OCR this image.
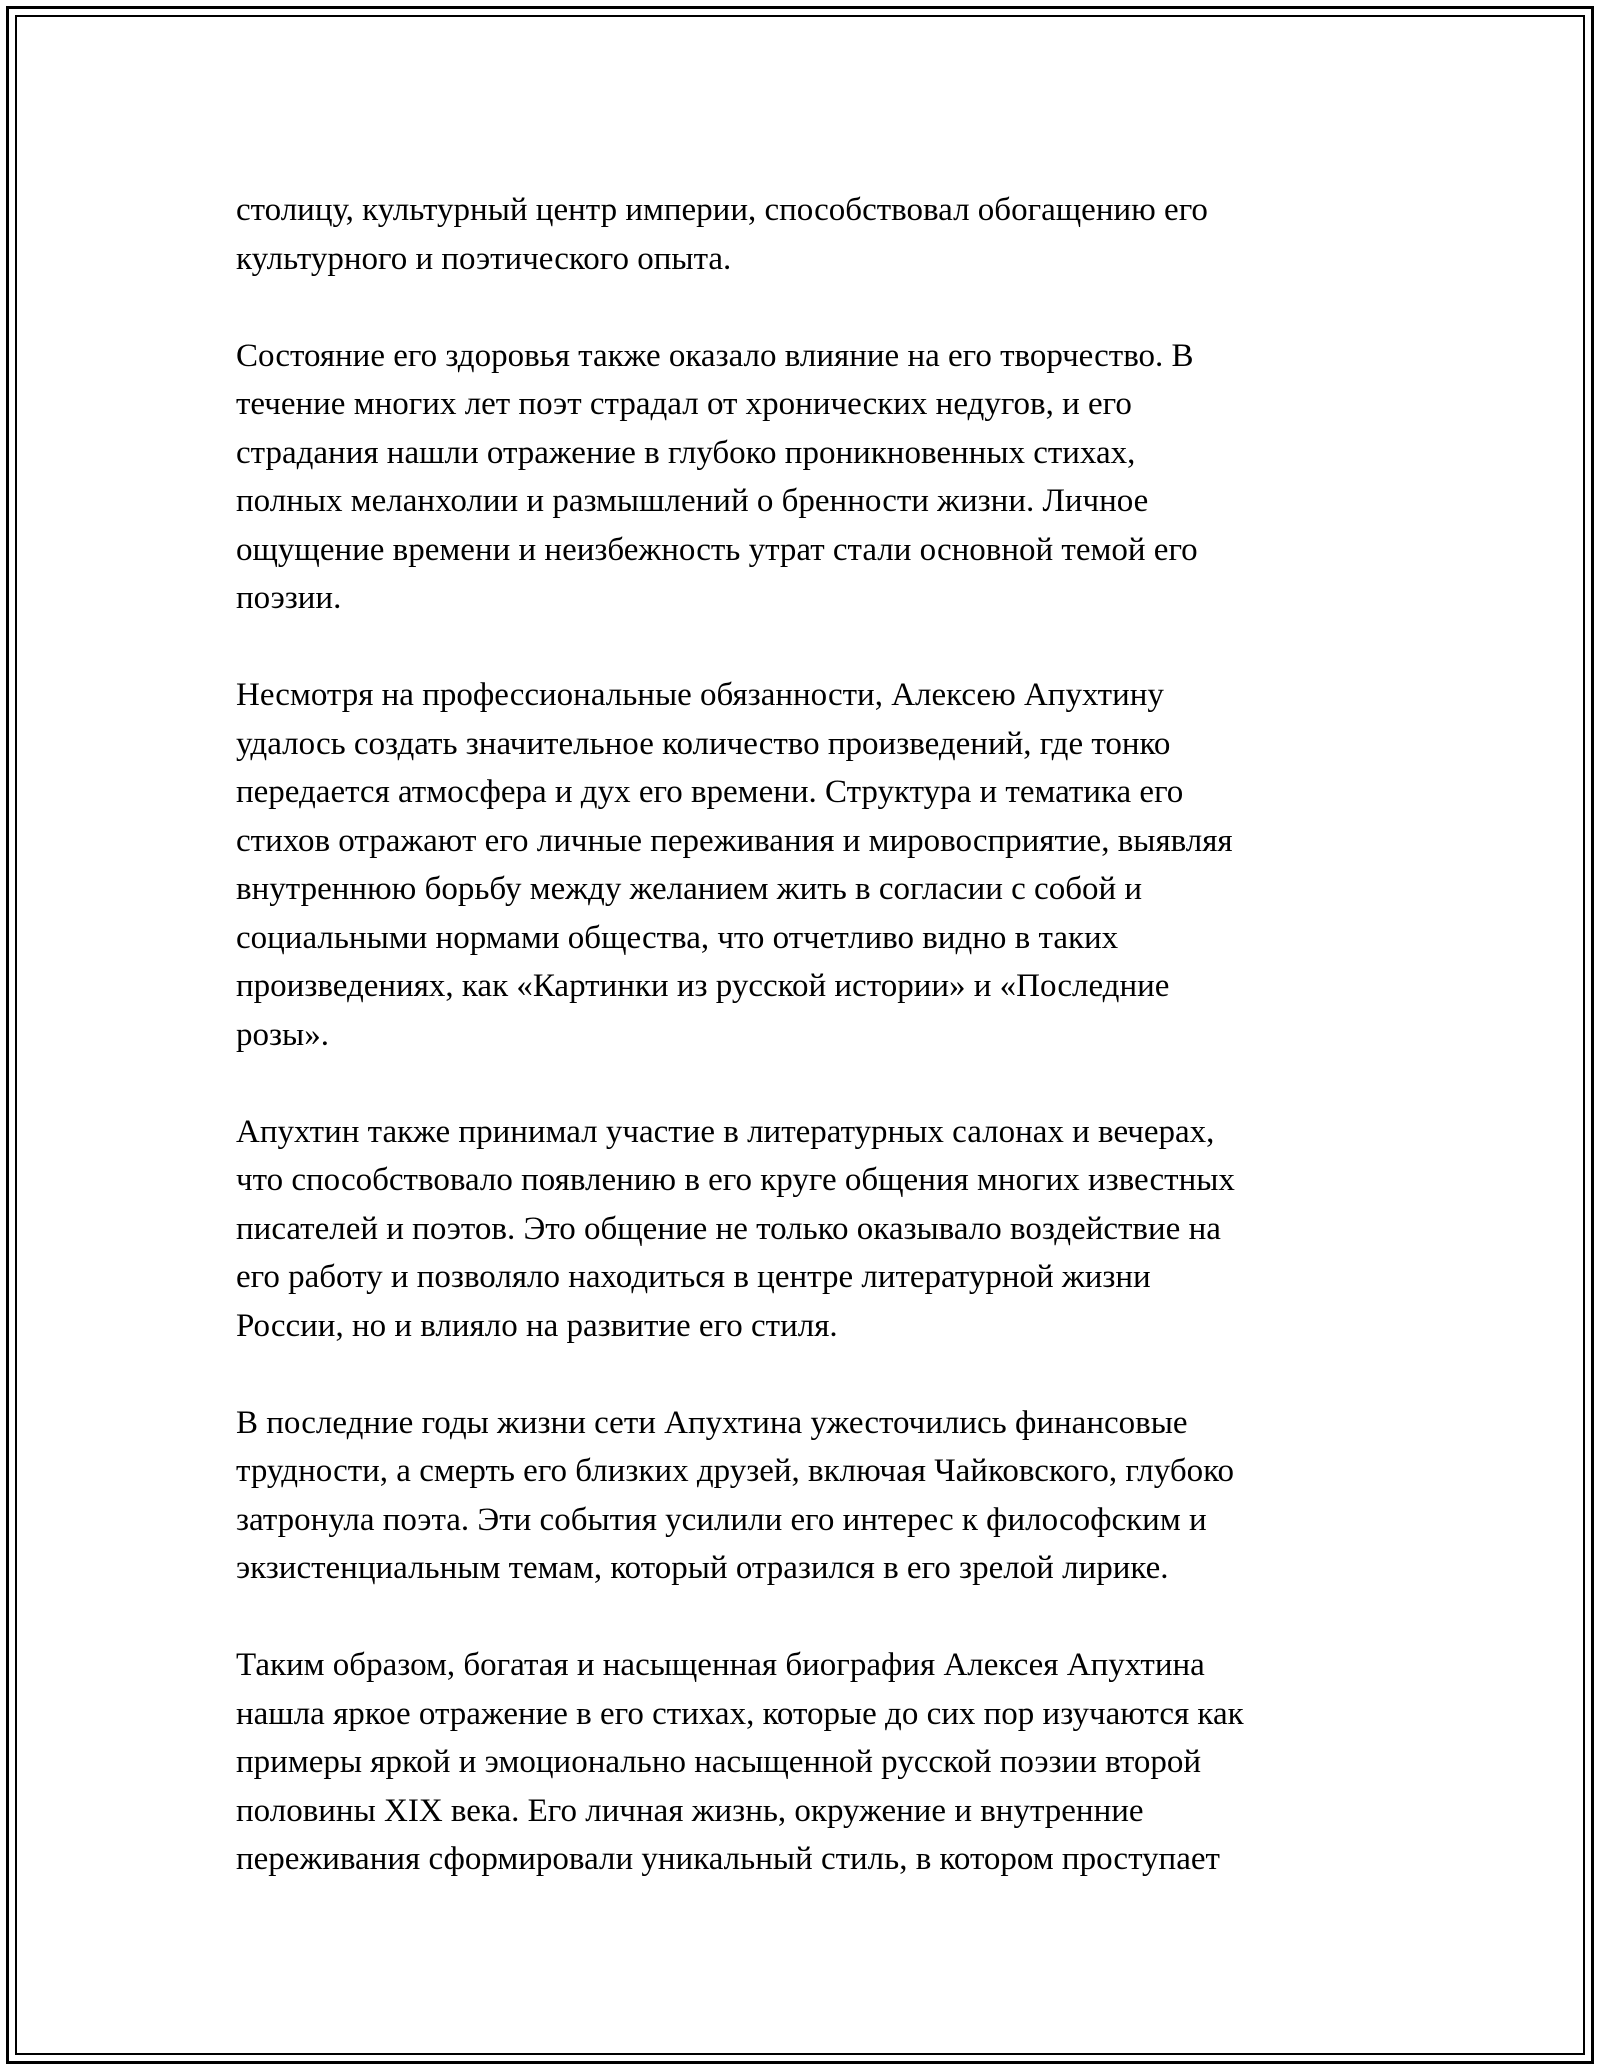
столицу, культурный центр империи, способствовал обогащению его
культурного и поэтического опыта.

Состояние его здоровья также оказало влияние на его творчество. В
течение многих лет поэт страдал от хронических недугов, и его
страдания нашли отражение в глубоко проникновенных стихах,
полных меланхолии и размышлений о бренности жизни. Личное
ощущение времени и неизбежность утрат стали основной темой его
поэзии.

Несмотря на профессиональные обязанности, Алексею Апухтину
удалось создать значительное количество произведений, где тонко
передается атмосфера и дух его времени. Структура и тематика его
стихов отражают его личные переживания и мировосприятие, выявляя
внутреннюю борьбу между желанием жить в согласии с собой и
социальными нормами общества, что отчетливо видно в таких
произведениях, как «Картинки из русской истории» и «Последние
розы».

Апухтин также принимал участие в литературных салонах и вечерах,
что способствовало появлению в его круге общения многих известных
писателей и поэтов. Это общение не только оказывало воздействие на
его работу и позволяло находиться в центре литературной жизни
России, но и влияло на развитие его стиля.

В последние годы жизни сети Апухтина ужесточились финансовые
трудности, а смерть его близких друзей, включая Чайковского, глубоко
затронула поэта. Эти события усилили его интерес к философским и
экзистенциальным темам, который отразился в его зрелой лирике.

Таким образом, богатая и насыщенная биография Алексея Апухтина
нашла яркое отражение в его стихах, которые до сих пор изучаются как
примеры яркой и эмоционально насыщенной русской поэзии второй
половины XIX века. Его личная жизнь, окружение и внутренние
переживания сформировали уникальный стиль, в котором проступает
